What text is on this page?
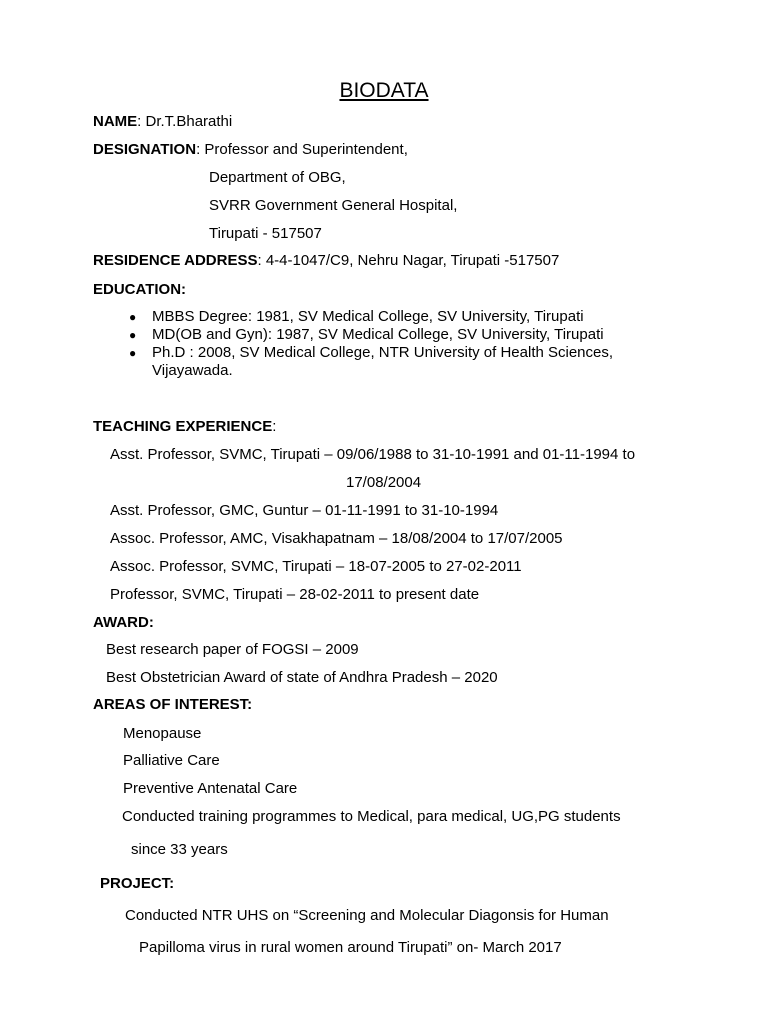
BIODATA
NAME: Dr.T.Bharathi
DESIGNATION: Professor and Superintendent,
Department of OBG,
SVRR Government General Hospital,
Tirupati - 517507
RESIDENCE ADDRESS: 4-4-1047/C9, Nehru Nagar, Tirupati -517507
EDUCATION:
● MBBS Degree: 1981, SV Medical College, SV University, Tirupati
● MD(OB and Gyn): 1987, SV Medical College, SV University, Tirupati
● Ph.D : 2008, SV Medical College, NTR University of Health Sciences,
Vijayawada.
TEACHING EXPERIENCE:
Asst. Professor, SVMC, Tirupati – 09/06/1988 to 31-10-1991 and 01-11-1994 to
17/08/2004
Asst. Professor, GMC, Guntur – 01-11-1991 to 31-10-1994
Assoc. Professor, AMC, Visakhapatnam – 18/08/2004 to 17/07/2005
Assoc. Professor, SVMC, Tirupati – 18-07-2005 to 27-02-2011
Professor, SVMC, Tirupati – 28-02-2011 to present date
AWARD:
Best research paper of FOGSI – 2009
Best Obstetrician Award of state of Andhra Pradesh – 2020
AREAS OF INTEREST:
Menopause
Palliative Care
Preventive Antenatal Care
Conducted training programmes to Medical, para medical, UG,PG students
since 33 years
PROJECT:
Conducted NTR UHS on “Screening and Molecular Diagonsis for Human
Papilloma virus in rural women around Tirupati” on- March 2017
